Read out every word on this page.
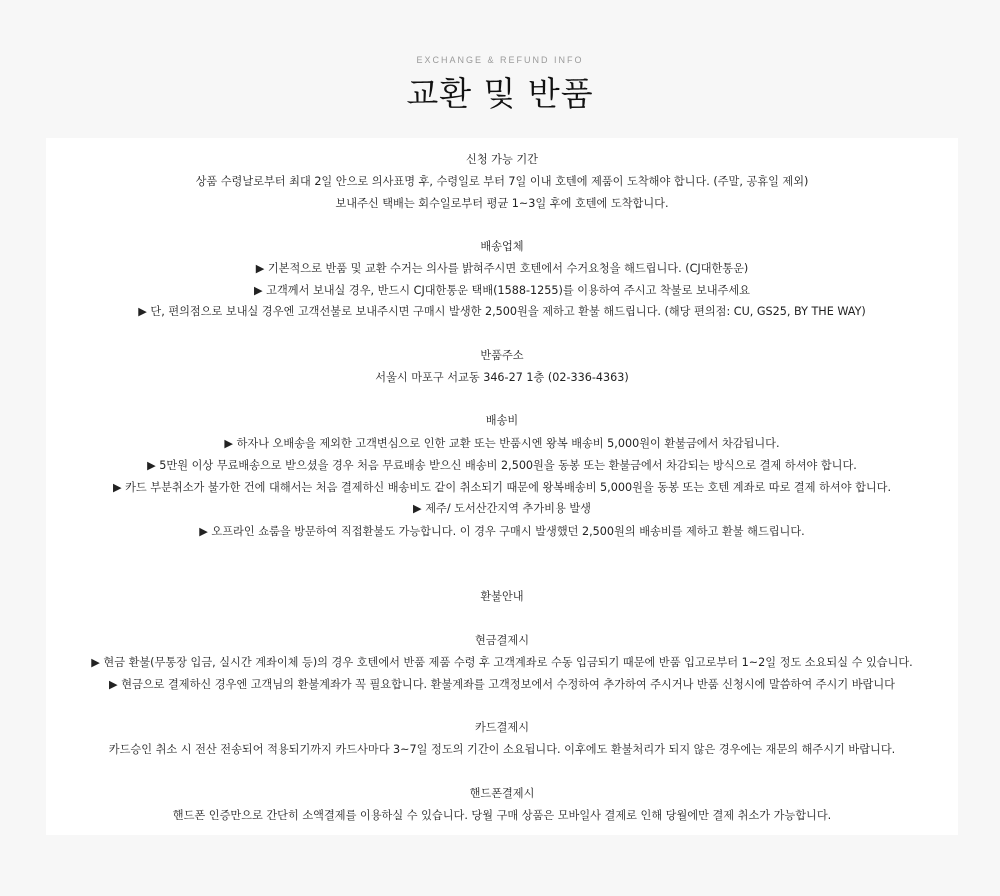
EXCHANGE & REFUND INFO
교환 및 반품
신청 가능 기간
상품 수령날로부터 최대 2일 안으로 의사표명 후, 수령일로 부터 7일 이내 호텐에 제품이 도착해야 합니다. (주말, 공휴일 제외)
보내주신 택배는 회수일로부터 평균 1~3일 후에 호텐에 도착합니다.
배송업체
▶ 기본적으로 반품 및 교환 수거는 의사를 밝혀주시면 호텐에서 수거요청을 해드립니다. (CJ대한통운)
▶ 고객께서 보내실 경우, 반드시 CJ대한통운 택배(1588-1255)를 이용하여 주시고 착불로 보내주세요
▶ 단, 편의점으로 보내실 경우엔 고객선불로 보내주시면 구매시 발생한 2,500원을 제하고 환불 해드립니다. (해당 편의점: CU, GS25, BY THE WAY)
반품주소
서울시 마포구 서교동 346-27 1층 (02-336-4363)
배송비
▶ 하자나 오배송을 제외한 고객변심으로 인한 교환 또는 반품시엔 왕복 배송비 5,000원이 환불금에서 차감됩니다.
▶ 5만원 이상 무료배송으로 받으셨을 경우 처음 무료배송 받으신 배송비 2,500원을 동봉 또는 환불금에서 차감되는 방식으로 결제 하셔야 합니다.
▶ 카드 부분취소가 불가한 건에 대해서는 처음 결제하신 배송비도 같이 취소되기 때문에 왕복배송비 5,000원을 동봉 또는 호텐 계좌로 따로 결제 하셔야 합니다.
▶ 제주/ 도서산간지역 추가비용 발생
▶ 오프라인 쇼룸을 방문하여 직접환불도 가능합니다. 이 경우 구매시 발생했던 2,500원의 배송비를 제하고 환불 해드립니다.
환불안내
현금결제시
▶ 현금 환불(무통장 입금, 실시간 계좌이체 등)의 경우 호텐에서 반품 제품 수령 후 고객계좌로 수동 입금되기 때문에 반품 입고로부터 1~2일 정도 소요되실 수 있습니다.
▶ 현금으로 결제하신 경우엔 고객님의 환불계좌가 꼭 필요합니다. 환불계좌를 고객정보에서 수정하여 추가하여 주시거나 반품 신청시에 말씀하여 주시기 바랍니다
카드결제시
카드승인 취소 시 전산 전송되어 적용되기까지 카드사마다 3~7일 정도의 기간이 소요됩니다. 이후에도 환불처리가 되지 않은 경우에는 재문의 해주시기 바랍니다.
핸드폰결제시
핸드폰 인증만으로 간단히 소액결제를 이용하실 수 있습니다. 당월 구매 상품은 모바일사 결제로 인해 당월에만 결제 취소가 가능합니다.
